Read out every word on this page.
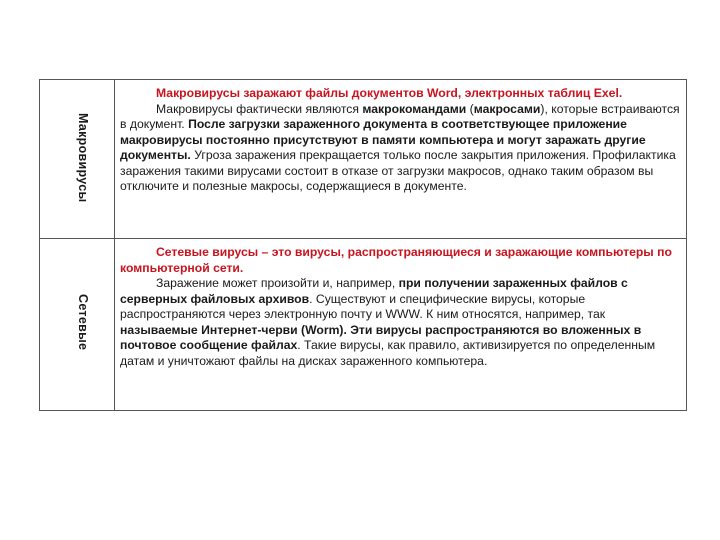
Макровирусы

Макровирусы заражают файлы документов Word, электронных таблиц Exel.

Макровирусы фактически являются макрокомандами (макросами), которые встраиваются в документ. После загрузки зараженного документа в соответствующее приложение макровирусы постоянно присутствуют в памяти компьютера и могут заражать другие документы. Угроза заражения прекращается только после закрытия приложения. Профилактика заражения такими вирусами состоит в отказе от загрузки макросов, однако таким образом вы отключите и полезные макросы, содержащиеся в документе.

Сетевые

Сетевые вирусы – это вирусы, распространяющиеся и заражающие компьютеры по компьютерной сети.

Заражение может произойти и, например, при получении зараженных файлов с серверных файловых архивов. Существуют и специфические вирусы, которые распространяются через электронную почту и WWW. К ним относятся, например, так называемые Интернет-черви (Worm). Эти вирусы распространяются во вложенных в почтовое сообщение файлах. Такие вирусы, как правило, активизируется по определенным датам и уничтожают файлы на дисках зараженного компьютера.
